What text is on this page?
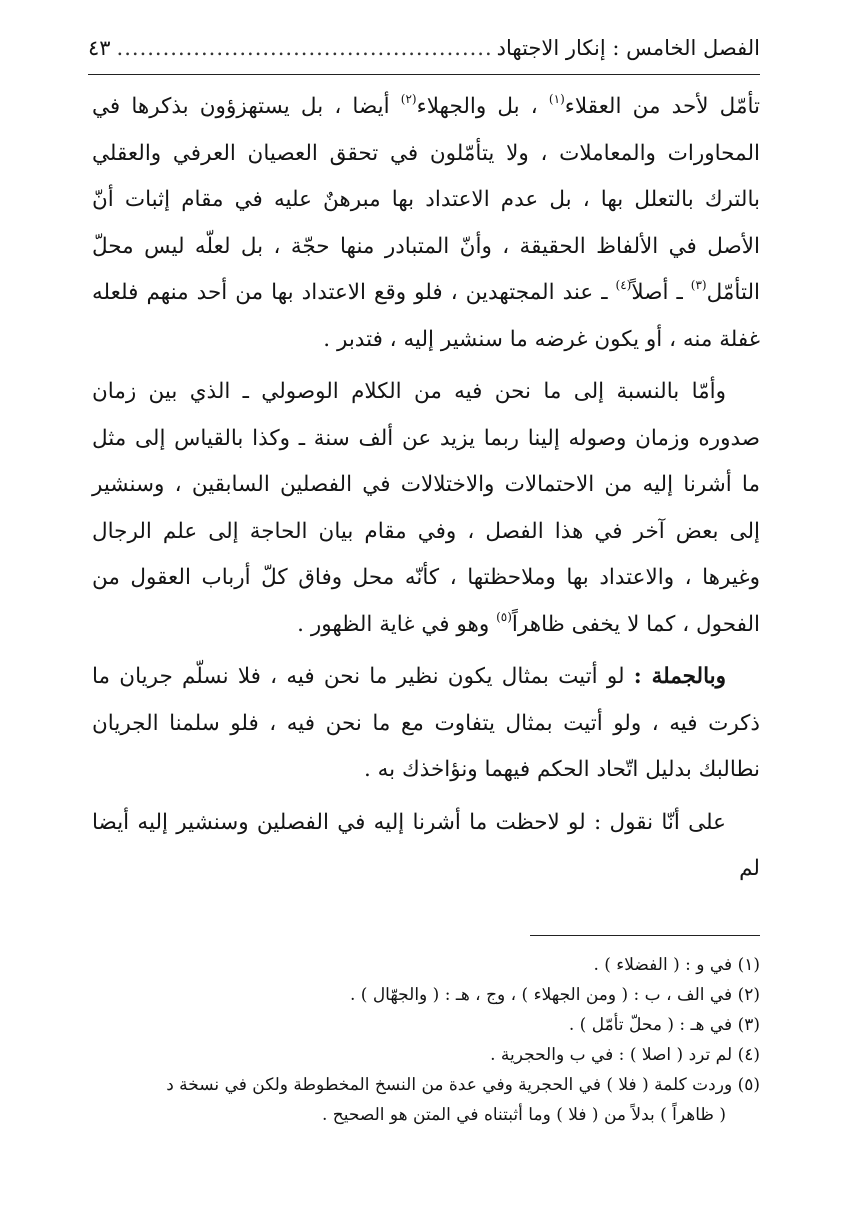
الفصل الخامس : إنكار الاجتهاد
.....
٤٣

تأمّل لأحد من العقلاء$^{(١)}$ ، بل والجهلاء$^{(٢)}$ أيضا ، بل يستهزؤون بذكرها في المحاورات والمعاملات ، ولا يتأمّلون في تحقق العصيان العرفي والعقلي بالترك بالتعلل بها ، بل عدم الاعتداد بها مبرهنٌ عليه في مقام إثبات أنّ الأصل في الألفاظ الحقيقة ، وأنّ المتبادر منها حجّة ، بل لعلّه ليس محلّ التأمّل$^{(٣)}$ ـ أصلاً$^{(٤)}$ ـ عند المجتهدين ، فلو وقع الاعتداد بها من أحد منهم فلعله غفلة منه ، أو يكون غرضه ما سنشير إليه ، فتدبر .

وأمّا بالنسبة إلى ما نحن فيه من الكلام الوصولي ـ الذي بين زمان صدوره وزمان وصوله إلينا ربما يزيد عن ألف سنة ـ وكذا بالقياس إلى مثل ما أشرنا إليه من الاحتمالات والاختلالات في الفصلين السابقين ، وسنشير إلى بعض آخر في هذا الفصل ، وفي مقام بيان الحاجة إلى علم الرجال وغيرها ، والاعتداد بها وملاحظتها ، كأنّه محل وفاق كلّ أرباب العقول من الفحول ، كما لا يخفى ظاهراً$^{(٥)}$ وهو في غاية الظهور .

وبالجملة : لو أتيت بمثال يكون نظير ما نحن فيه ، فلا نسلّم جريان ما ذكرت فيه ، ولو أتيت بمثال يتفاوت مع ما نحن فيه ، فلو سلمنا الجريان نطالبك بدليل اتّحاد الحكم فيهما ونؤاخذك به .

على أنّا نقول : لو لاحظت ما أشرنا إليه في الفصلين وسنشير إليه أيضا لم

(١) في و : ( الفضلاء ) .

(٢) في الف ، ب : ( ومن الجهلاء ) ، وج ، هـ : ( والجهّال ) .

(٣) في هـ : ( محلّ تأمّل ) .

(٤) لم ترد ( اصلا ) : في ب والحجرية .

(٥) وردت كلمة ( فلا ) في الحجرية وفي عدة من النسخ المخطوطة ولكن في نسخة د
( ظاهراً ) بدلاً من ( فلا ) وما أثبتناه في المتن هو الصحيح .
